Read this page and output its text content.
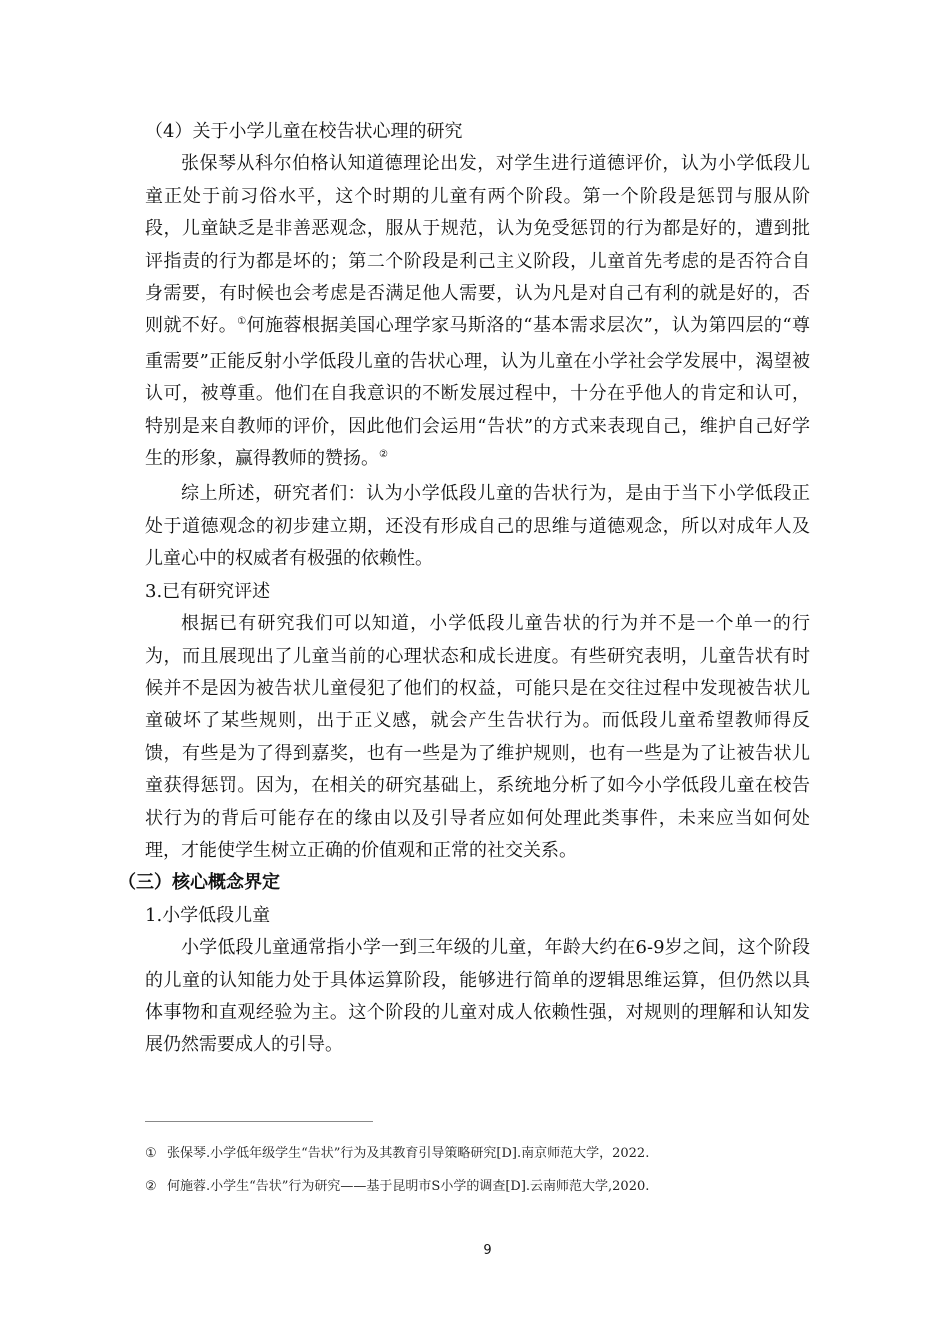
（4）关于小学儿童在校告状心理的研究

张保琴从科尔伯格认知道德理论出发，对学生进行道德评价，认为小学低段儿童正处于前习俗水平，这个时期的儿童有两个阶段。第一个阶段是惩罚与服从阶段，儿童缺乏是非善恶观念，服从于规范，认为免受惩罚的行为都是好的，遭到批评指责的行为都是坏的；第二个阶段是利己主义阶段，儿童首先考虑的是否符合自身需要，有时候也会考虑是否满足他人需要，认为凡是对自己有利的就是好的，否则就不好。①何施蓉根据美国心理学家马斯洛的“基本需求层次”，认为第四层的“尊重需要”正能反射小学低段儿童的告状心理，认为儿童在小学社会学发展中，渴望被认可，被尊重。他们在自我意识的不断发展过程中，十分在乎他人的肯定和认可，特别是来自教师的评价，因此他们会运用“告状”的方式来表现自己，维护自己好学生的形象，赢得教师的赞扬。②

综上所述，研究者们：认为小学低段儿童的告状行为，是由于当下小学低段正处于道德观念的初步建立期，还没有形成自己的思维与道德观念，所以对成年人及儿童心中的权威者有极强的依赖性。

3.已有研究评述

根据已有研究我们可以知道，小学低段儿童告状的行为并不是一个单一的行为，而且展现出了儿童当前的心理状态和成长进度。有些研究表明，儿童告状有时候并不是因为被告状儿童侵犯了他们的权益，可能只是在交往过程中发现被告状儿童破坏了某些规则，出于正义感，就会产生告状行为。而低段儿童希望教师得反馈，有些是为了得到嘉奖，也有一些是为了维护规则，也有一些是为了让被告状儿童获得惩罚。因为，在相关的研究基础上，系统地分析了如今小学低段儿童在校告状行为的背后可能存在的缘由以及引导者应如何处理此类事件，未来应当如何处理，才能使学生树立正确的价值观和正常的社交关系。

（三）核心概念界定

1.小学低段儿童

小学低段儿童通常指小学一到三年级的儿童，年龄大约在6-9岁之间，这个阶段的儿童的认知能力处于具体运算阶段，能够进行简单的逻辑思维运算，但仍然以具体事物和直观经验为主。这个阶段的儿童对成人依赖性强，对规则的理解和认知发展仍然需要成人的引导。

① 张保琴.小学低年级学生“告状”行为及其教育引导策略研究[D].南京师范大学，2022.

② 何施蓉.小学生“告状”行为研究——基于昆明市S小学的调查[D].云南师范大学,2020.

9
